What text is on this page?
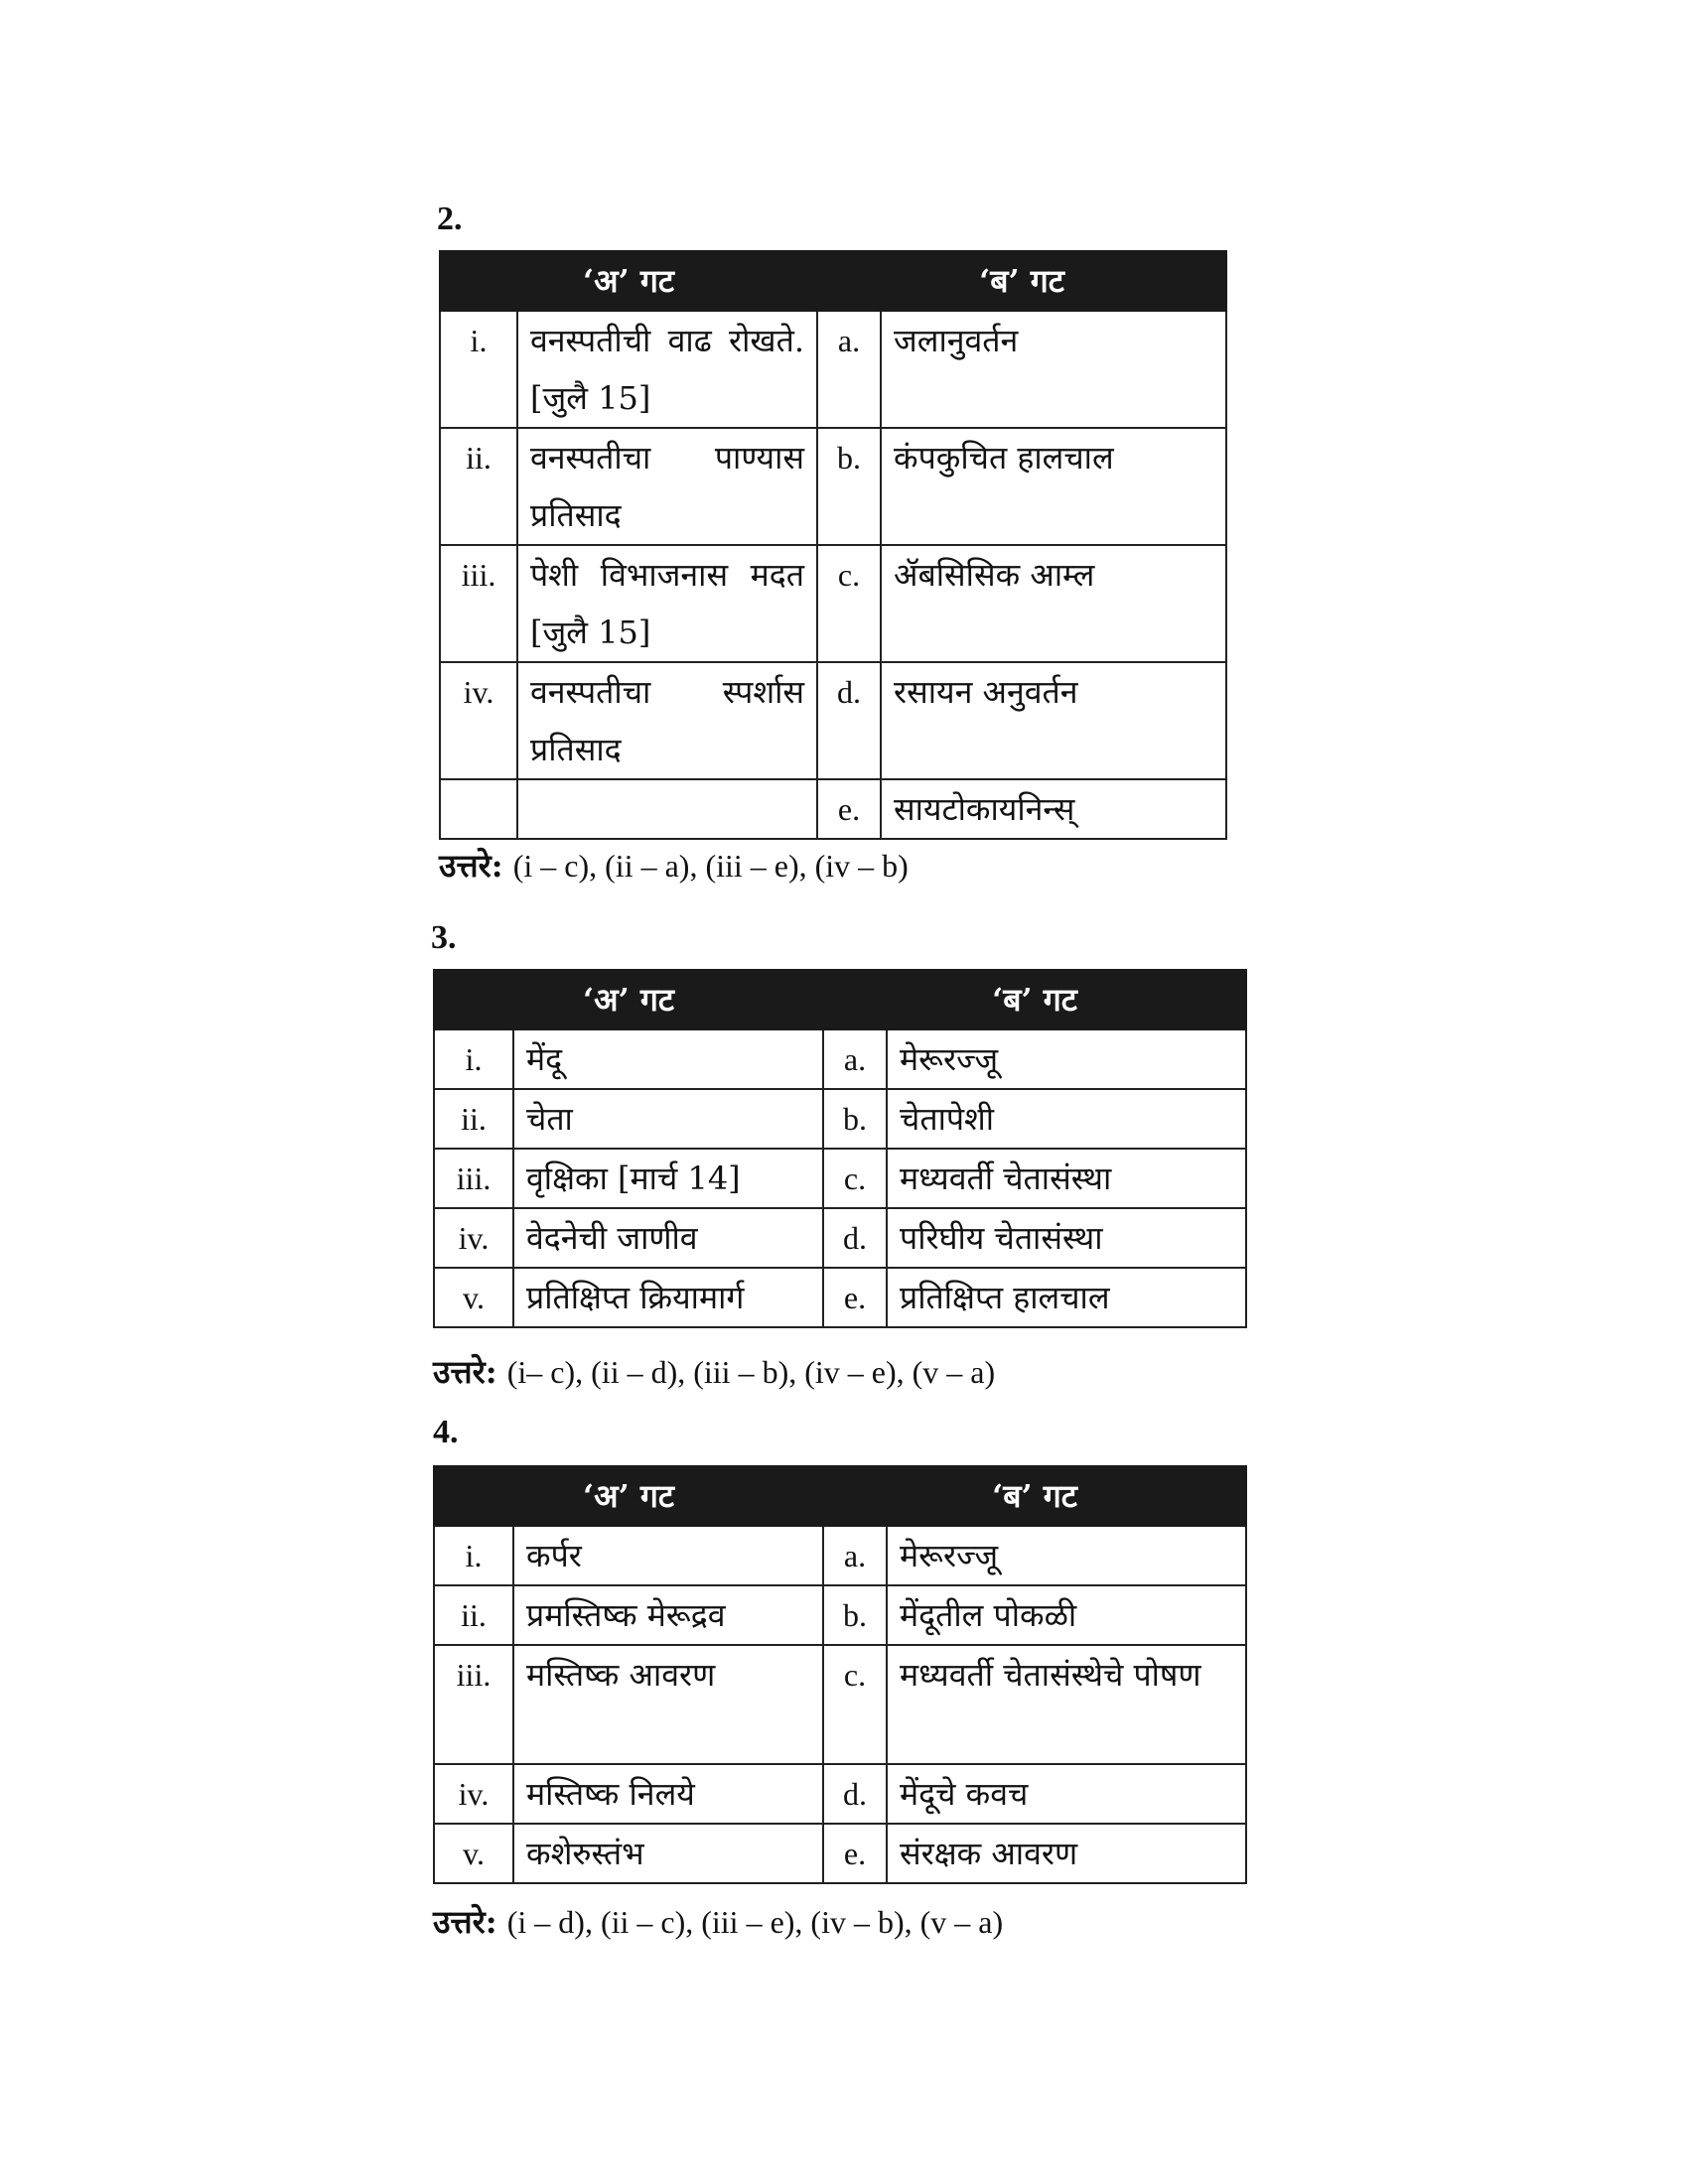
2.
‘अ’ गट		‘ब’ गट	
i.	वनस्पतीची वाढ रोखते. [जुलै 15]	a.	जलानुवर्तन
ii.	वनस्पतीचा पाण्यास प्रतिसाद	b.	कंपकुचित हालचाल
iii.	पेशी विभाजनास मदत [जुलै 15]	c.	ॲबसिसिक आम्ल
iv.	वनस्पतीचा स्पर्शास प्रतिसाद	d.	रसायन अनुवर्तन
		e.	सायटोकायनिन्स्
उत्तरे: (i – c), (ii – a), (iii – e), (iv – b)
3.
‘अ’ गट		‘ब’ गट	
i.	मेंदू	a.	मेरूरज्जू
ii.	चेता	b.	चेतापेशी
iii.	वृक्षिका [मार्च 14]	c.	मध्यवर्ती चेतासंस्था
iv.	वेदनेची जाणीव	d.	परिघीय चेतासंस्था
v.	प्रतिक्षिप्त क्रियामार्ग	e.	प्रतिक्षिप्त हालचाल
उत्तरे: (i– c), (ii – d), (iii – b), (iv – e), (v – a)
4.
‘अ’ गट		‘ब’ गट	
i.	कर्पर	a.	मेरूरज्जू
ii.	प्रमस्तिष्क मेरूद्रव	b.	मेंदूतील पोकळी
iii.	मस्तिष्क आवरण	c.	मध्यवर्ती चेतासंस्थेचे पोषण
iv.	मस्तिष्क निलये	d.	मेंदूचे कवच
v.	कशेरुस्तंभ	e.	संरक्षक आवरण
उत्तरे: (i – d), (ii – c), (iii – e), (iv – b), (v – a)
